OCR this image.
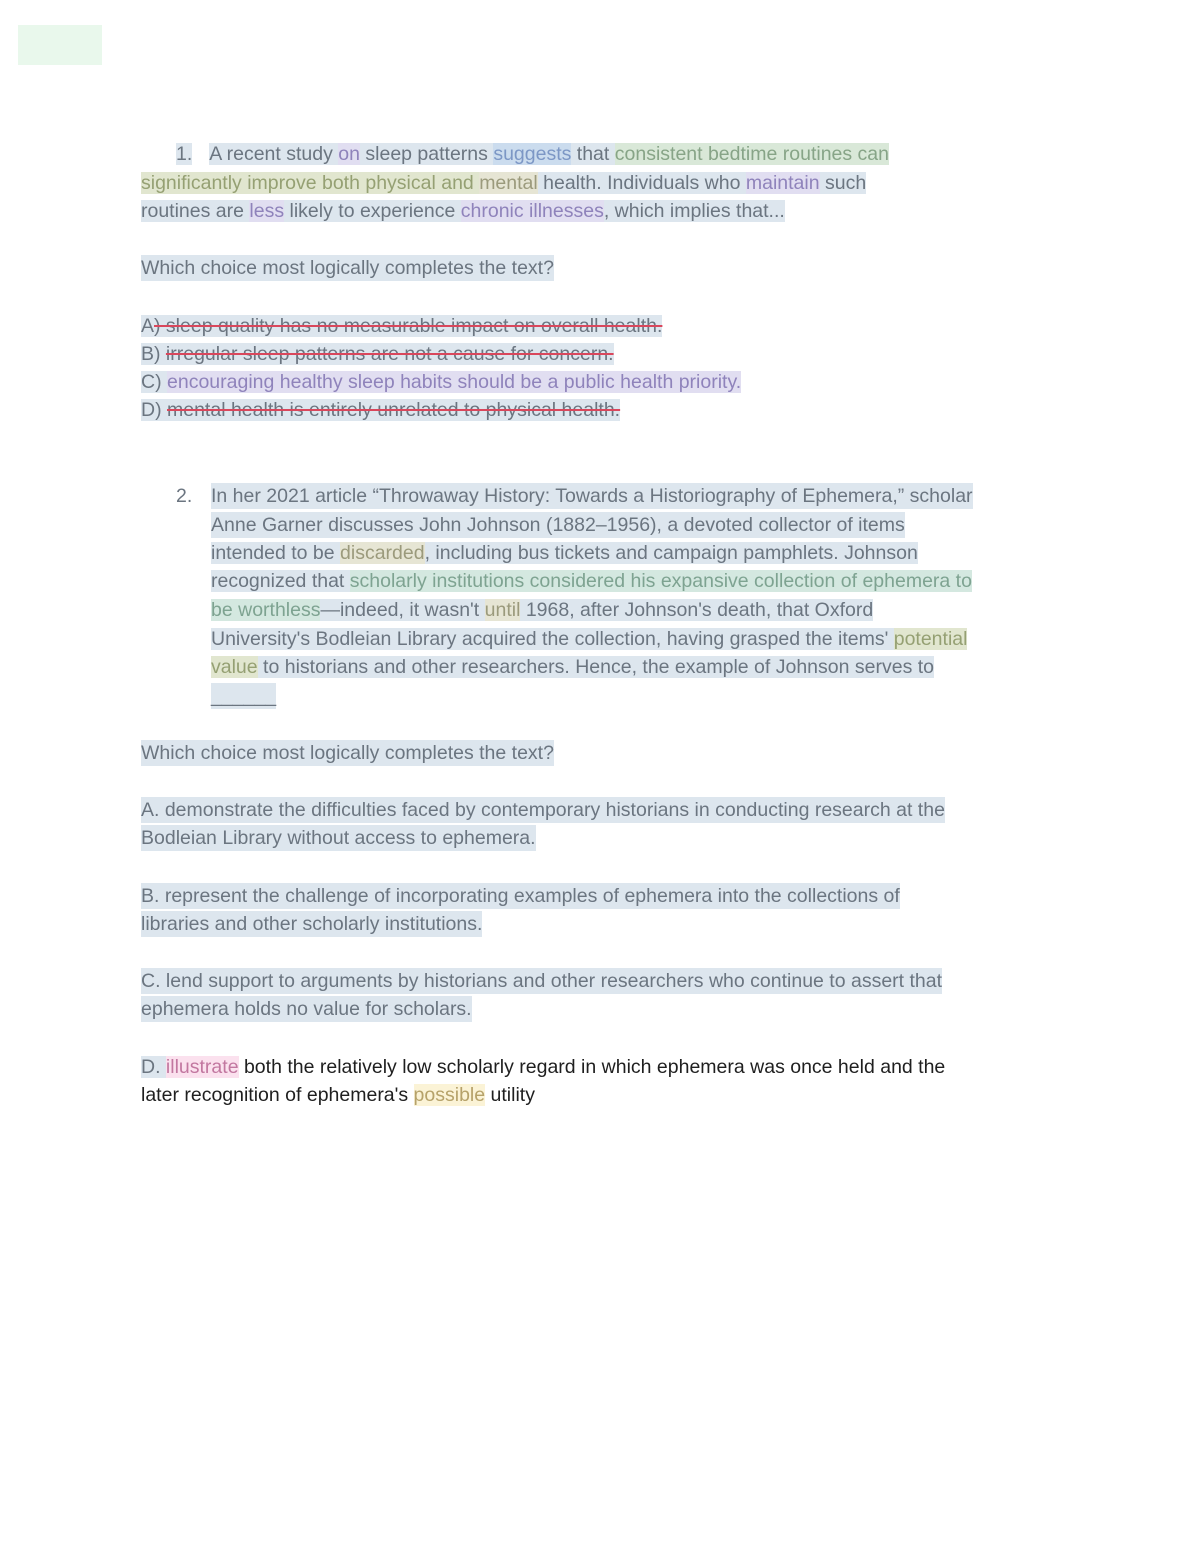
1. A recent study on sleep patterns suggests that consistent bedtime routines can
significantly improve both physical and mental health. Individuals who maintain such
routines are less likely to experience chronic illnesses, which implies that...
Which choice most logically completes the text?
A) sleep quality has no measurable impact on overall health.
B) irregular sleep patterns are not a cause for concern.
C) encouraging healthy sleep habits should be a public health priority.
D) mental health is entirely unrelated to physical health.
2. In her 2021 article “Throwaway History: Towards a Historiography of Ephemera,” scholar
Anne Garner discusses John Johnson (1882–1956), a devoted collector of items
intended to be discarded, including bus tickets and campaign pamphlets. Johnson
recognized that scholarly institutions considered his expansive collection of ephemera to
be worthless—indeed, it wasn't until 1968, after Johnson's death, that Oxford
University's Bodleian Library acquired the collection, having grasped the items' potential
value to historians and other researchers. Hence, the example of Johnson serves to
______
Which choice most logically completes the text?
A. demonstrate the difficulties faced by contemporary historians in conducting research at the
Bodleian Library without access to ephemera.
B. represent the challenge of incorporating examples of ephemera into the collections of
libraries and other scholarly institutions.
C. lend support to arguments by historians and other researchers who continue to assert that
ephemera holds no value for scholars.
D. illustrate both the relatively low scholarly regard in which ephemera was once held and the
later recognition of ephemera's possible utility
